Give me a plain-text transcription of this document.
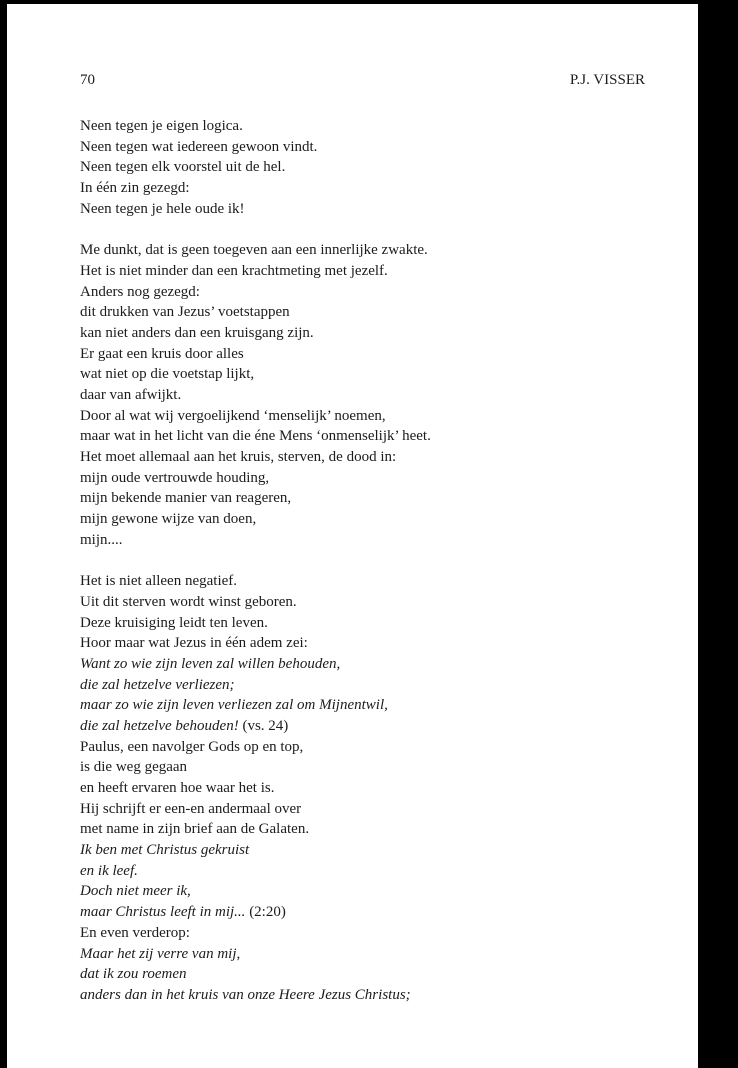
70	P.J. VISSER
Neen tegen je eigen logica.
Neen tegen wat iedereen gewoon vindt.
Neen tegen elk voorstel uit de hel.
In één zin gezegd:
Neen tegen je hele oude ik!
Me dunkt, dat is geen toegeven aan een innerlijke zwakte.
Het is niet minder dan een krachtmeting met jezelf.
Anders nog gezegd:
dit drukken van Jezus’ voetstappen
kan niet anders dan een kruisgang zijn.
Er gaat een kruis door alles
wat niet op die voetstap lijkt,
daar van afwijkt.
Door al wat wij vergoelijkend ‘menselijk’ noemen,
maar wat in het licht van die éne Mens ‘onmenselijk’ heet.
Het moet allemaal aan het kruis, sterven, de dood in:
mijn oude vertrouwde houding,
mijn bekende manier van reageren,
mijn gewone wijze van doen,
mijn....
Het is niet alleen negatief.
Uit dit sterven wordt winst geboren.
Deze kruisiging leidt ten leven.
Hoor maar wat Jezus in één adem zei:
Want zo wie zijn leven zal willen behouden,
die zal hetzelve verliezen;
maar zo wie zijn leven verliezen zal om Mijnentwil,
die zal hetzelve behouden! (vs. 24)
Paulus, een navolger Gods op en top,
is die weg gegaan
en heeft ervaren hoe waar het is.
Hij schrijft er een-en andermaal over
met name in zijn brief aan de Galaten.
Ik ben met Christus gekruist
en ik leef.
Doch niet meer ik,
maar Christus leeft in mij... (2:20)
En even verderop:
Maar het zij verre van mij,
dat ik zou roemen
anders dan in het kruis van onze Heere Jezus Christus;
